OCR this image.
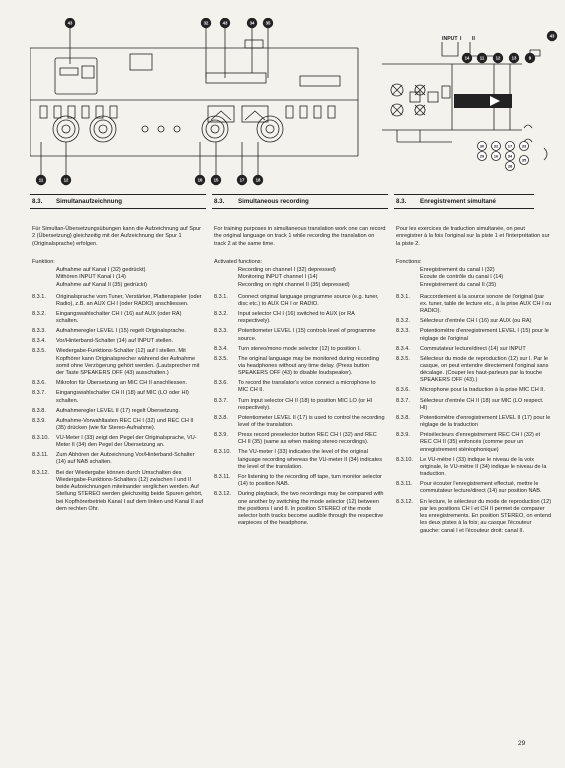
43	32	43	34	35
11	12	16	15	17	18
INPUT I II
14 11	12	13	9
43
30
29
32 17 33
16 34
28
35
8.3. Simultanaufzeichnung	8.3. Simultaneous recording	8.3. Enregistrement simultané
Für Simultan-Übersetzungsübungen kann die Aufzeichnung auf Spur 2 (Übersetzung) gleichzeitig mit der Aufzeichnung der Spur 1 (Originalsprache) erfolgen.
Funktion:
Aufnahme auf Kanal I (32) gedrückt)
Mithören INPUT Kanal I (14)
Aufnahme auf Kanal II (35) gedrückt)
8.3.1.	Originalsprache vom Tuner, Verstärker, Plattenspieler (oder Radio), z.B. an AUX CH I (oder RADIO) anschliessen.
8.3.2.	Eingangswahlschalter CH I (16) auf AUX (oder RA) schalten.
8.3.3.	Aufnahmeregler LEVEL I (15) regelt Originalsprache.
8.3.4.	Vor/Hinterband-Schalter (14) auf INPUT stellen.
8.3.5.	Wiedergabe-Funktions-Schalter (12) auf I stellen. Mit Kopfhörer kann Originalsprecher während der Aufnahme somit ohne Verzögerung gehört werden. (Lautsprecher mit der Taste SPEAKERS OFF (43) ausschalten.)
8.3.6.	Mikrofon für Übersetzung an MIC CH II anschliessen.
8.3.7.	Eingangswahlschalter CH II (18) auf MIC (LO oder HI) schalten.
8.3.8.	Aufnahmeregler LEVEL II (17) regelt Übersetzung.
8.3.9.	Aufnahme-Vorwahltasten REC CH I (32) und REC CH II (35) drücken (wie für Stereo-Aufnahme).
8.3.10.	VU-Meter I (33) zeigt den Pegel der Originalsprache, VU-Meter II (34) den Pegel der Übersetzung an.
8.3.11.	Zum Abhören der Aufzeichnung Vor/Hinterband-Schalter (14) auf NAB schalten.
8.3.12.	Bei der Wiedergabe können durch Umschalten des Wiedergabe-Funktions-Schalters (12) zwischen I und II beide Aufzeichnungen miteinander verglichen werden. Auf Stellung STEREO werden gleichzeitig beide Spuren gehört, bei Kopfhörerbetrieb Kanal I auf dem linken und Kanal II auf dem rechten Ohr.
For training purposes in simultaneous translation work one can record the original language on track 1 while recording the translation on track 2 at the same time.
Activated functions:
Recording on channel I (32) depressed)
Monitoring INPUT channel I (14)
Recording on right channel II (35) depressed)
8.3.1.	Connect original language programme source (e.g. tuner, disc etc.) to AUX CH I or RADIO.
8.3.2.	Input selector CH I (16) switched to AUX (or RA respectively).
8.3.3.	Potentiometer LEVEL I (15) controls level of programme source.
8.3.4.	Turn stereo/mono mode selector (12) to position I.
8.3.5.	The original language may be monitored during recording via headphones without any time delay. (Press button SPEAKERS OFF (43) to disable loudspeaker).
8.3.6.	To record the translator's voice connect a microphone to MIC CH II.
8.3.7.	Turn input selector CH II (18) to position MIC LO (or HI respectively).
8.3.8.	Potentiometer LEVEL II (17) is used to control the recording level of the translation.
8.3.9.	Press record preselector button REC CH I (32) and REC CH II (35) (same as when making stereo recordings).
8.3.10.	The VU-meter I (33) indicates the level of the original language recording whereas the VU-meter II (34) indicates the level of the translation.
8.3.11.	For listening to the recording off tape, turn monitor selector (14) to position NAB.
8.3.12.	During playback, the two recordings may be compared with one another by switching the mode selector (12) between the positions I and II. In position STEREO of the mode selector both tracks become audible through the respective earpieces of the headphone.
Pour les exercices de traduction simultanée, on peut enregistrer à la fois l'original sur la piste 1 et l'interprétation sur la piste 2.
Fonctions:
Enregistrement du canal I (32)
Ecoute de contrôle du canal I (14)
Enregistrement du canal II (35)
8.3.1.	Raccordement à la source sonore de l'original (par ex. tuner, table de lecture etc., à la prise AUX CH I ou RADIO).
8.3.2.	Sélecteur d'entrée CH I (16) sur AUX (ou RA)
8.3.3.	Potentiomètre d'enregistrement LEVEL I (15) pour le réglage de l'original
8.3.4.	Commutateur lecture/direct (14) sur INPUT
8.3.5.	Sélecteur du mode de reproduction (12) sur I. Par le casque, on peut entendre directement l'original sans décalage. (Couper les haut-parleurs par la touche SPEAKERS OFF (43).)
8.3.6.	Microphone pour la traduction à la prise MIC CH II.
8.3.7.	Sélecteur d'entrée CH II (18) sur MIC (LO respect. HI)
8.3.8.	Potentiomètre d'enregistrement LEVEL II (17) pour le réglage de la traduction
8.3.9.	Présélecteurs d'enregistrement REC CH I (32) et REC CH II (35) enfoncés (comme pour un enregistrement stéréophonique)
8.3.10.	Le VU-mètre I (33) indique le niveau de la voix originale, le VU-mètre II (34) indique le niveau de la traduction.
8.3.11.	Pour écouter l'enregistrement effectué, mettre le commutateur lecture/direct (14) sur position NAB.
8.3.12.	En lecture, le sélecteur du mode de reproduction (12) par les positions CH I et CH II permet de comparer les enregistrements. En position STEREO, on entend les deux pistes à la fois; au casque l'écouteur gauche: canal I et l'écouteur droit: canal II.
29
